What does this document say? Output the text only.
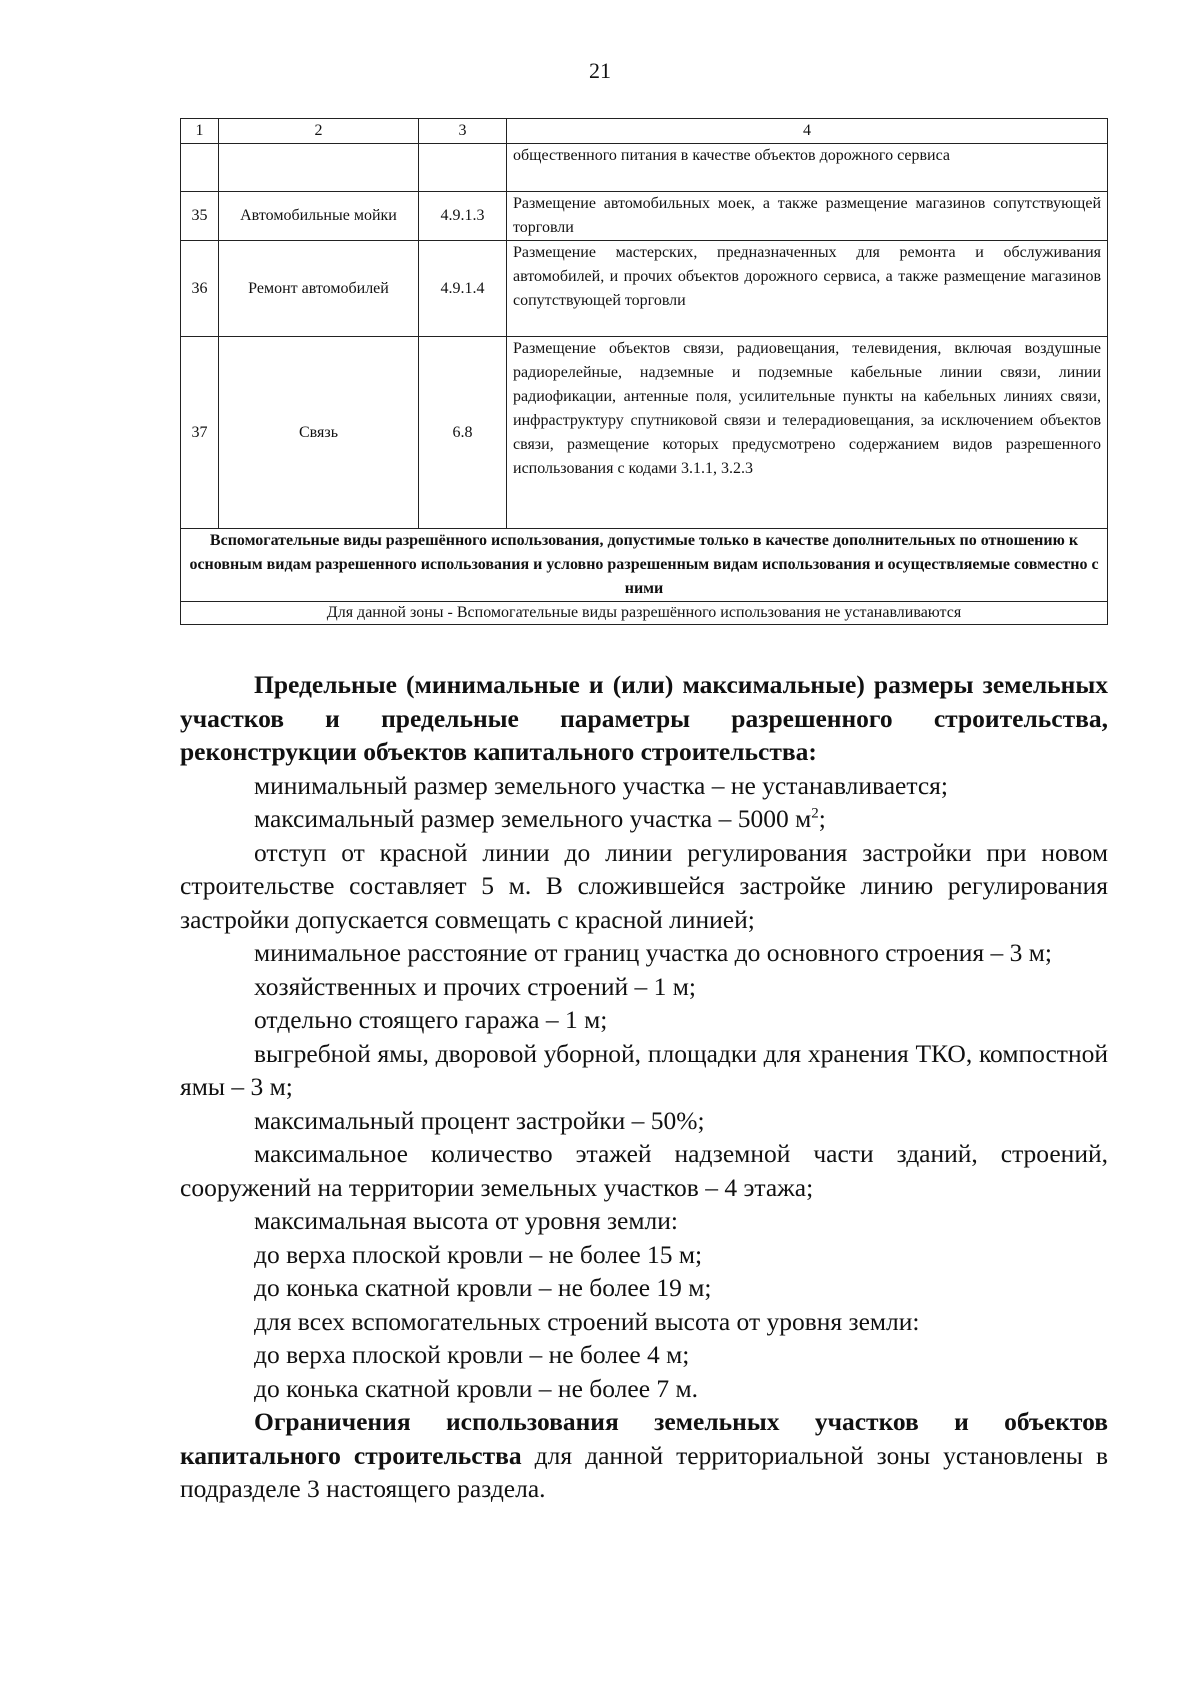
21
1	2	3	4
			общественного питания в качестве объектов дорожного сервиса
35	Автомобильные мойки	4.9.1.3	Размещение автомобильных моек, а также размещение магазинов сопутствующей торговли
36	Ремонт автомобилей	4.9.1.4	Размещение мастерских, предназначенных для ремонта и обслуживания автомобилей, и прочих объектов дорожного сервиса, а также размещение магазинов сопутствующей торговли
37	Связь	6.8	Размещение объектов связи, радиовещания, телевидения, включая воздушные радиорелейные, надземные и подземные кабельные линии связи, линии радиофикации, антенные поля, усилительные пункты на кабельных линиях связи, инфраструктуру спутниковой связи и телерадиовещания, за исключением объектов связи, размещение которых предусмотрено содержанием видов разрешенного использования с кодами 3.1.1, 3.2.3
Вспомогательные виды разрешённого использования, допустимые только в качестве дополнительных по отношению к основным видам разрешенного использования и условно разрешенным видам использования и осуществляемые совместно с ними			
Для данной зоны - Вспомогательные виды разрешённого использования не устанавливаются			

Предельные (минимальные и (или) максимальные) размеры земельных участков и предельные параметры разрешенного строительства, реконструкции объектов капитального строительства:

минимальный размер земельного участка – не устанавливается;

максимальный размер земельного участка – 5000 $м^2$;

отступ от красной линии до линии регулирования застройки при новом строительстве составляет 5 м. В сложившейся застройке линию регулирования застройки допускается совмещать с красной линией;

минимальное расстояние от границ участка до основного строения – 3 м;

хозяйственных и прочих строений – 1 м;

отдельно стоящего гаража – 1 м;

выгребной ямы, дворовой уборной, площадки для хранения ТКО, компостной ямы – 3 м;

максимальный процент застройки – 50%;

максимальное количество этажей надземной части зданий, строений, сооружений на территории земельных участков – 4 этажа;

максимальная высота от уровня земли:

до верха плоской кровли – не более 15 м;

до конька скатной кровли – не более 19 м;

для всех вспомогательных строений высота от уровня земли:

до верха плоской кровли – не более 4 м;

до конька скатной кровли – не более 7 м.

Ограничения использования земельных участков и объектов капитального строительства для данной территориальной зоны установлены в подразделе 3 настоящего раздела.
